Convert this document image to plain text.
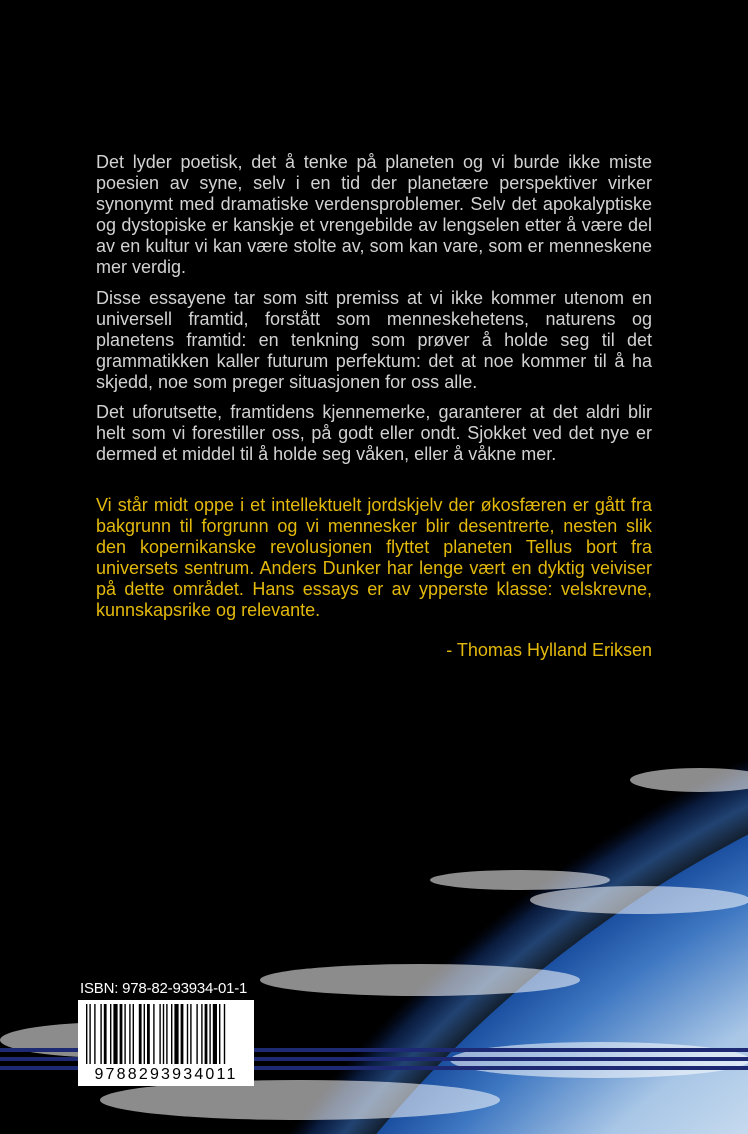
Det lyder poetisk, det å tenke på planeten og vi burde ikke miste poesien av syne, selv i en tid der planetære perspektiver virker synonymt med dramatiske verdensproblemer. Selv det apokalyptiske og dystopiske er kanskje et vrengebilde av lengselen etter å være del av en kultur vi kan være stolte av, som kan vare, som er menneskene mer verdig.

Disse essayene tar som sitt premiss at vi ikke kommer utenom en universell framtid, forstått som menneskehetens, naturens og planetens framtid: en tenkning som prøver å holde seg til det grammatikken kaller futurum perfektum: det at noe kommer til å ha skjedd, noe som preger situasjonen for oss alle.

Det uforutsette, framtidens kjennemerke, garanterer at det aldri blir helt som vi forestiller oss, på godt eller ondt. Sjokket ved det nye er dermed et middel til å holde seg våken, eller å våkne mer.

Vi står midt oppe i et intellektuelt jordskjelv der økosfæren er gått fra bakgrunn til forgrunn og vi mennesker blir desentrerte, nesten slik den kopernikanske revolusjonen flyttet planeten Tellus bort fra universets sentrum. Anders Dunker har lenge vært en dyktig veiviser på dette området. Hans essays er av ypperste klasse: velskrevne, kunnskapsrike og relevante.

- Thomas Hylland Eriksen

ISBN: 978-82-93934-01-1

9788293934011
